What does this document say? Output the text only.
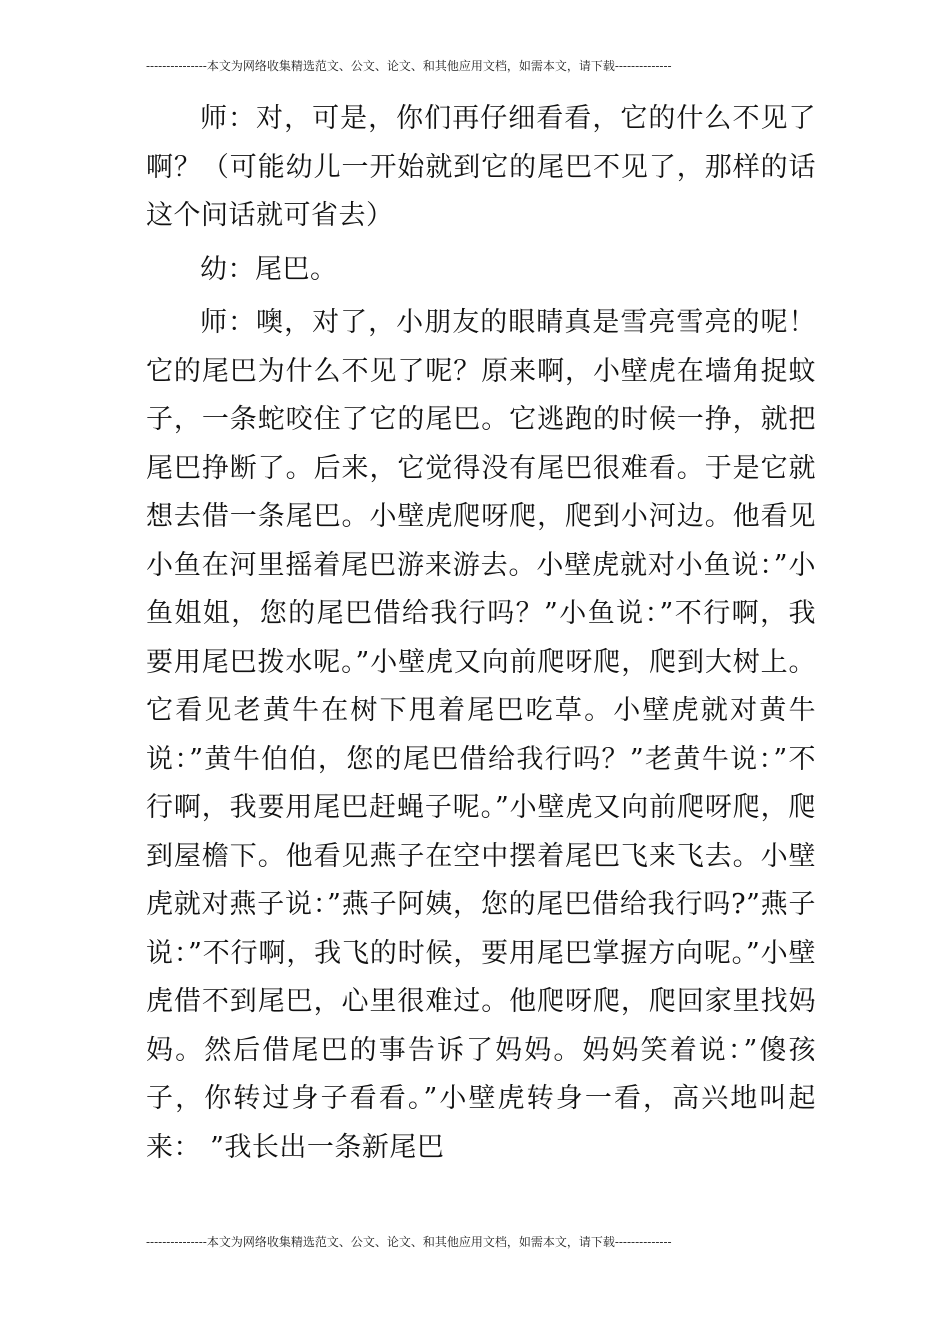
---------------本文为网络收集精选范文、公文、论文、和其他应用文档，如需本文，请下载--------------

师：对，可是，你们再仔细看看，它的什么不见了啊？（可能幼儿一开始就到它的尾巴不见了，那样的话这个问话就可省去）

幼：尾巴。

师：噢，对了，小朋友的眼睛真是雪亮雪亮的呢！它的尾巴为什么不见了呢？原来啊，小壁虎在墙角捉蚊子，一条蛇咬住了它的尾巴。它逃跑的时候一挣，就把尾巴挣断了。后来，它觉得没有尾巴很难看。于是它就想去借一条尾巴。小壁虎爬呀爬，爬到小河边。他看见小鱼在河里摇着尾巴游来游去。小壁虎就对小鱼说：”小鱼姐姐，您的尾巴借给我行吗？”小鱼说：”不行啊，我要用尾巴拨水呢。”小壁虎又向前爬呀爬，爬到大树上。它看见老黄牛在树下甩着尾巴吃草。小壁虎就对黄牛说：”黄牛伯伯，您的尾巴借给我行吗？”老黄牛说：”不行啊，我要用尾巴赶蝇子呢。”小壁虎又向前爬呀爬，爬到屋檐下。他看见燕子在空中摆着尾巴飞来飞去。小壁虎就对燕子说：”燕子阿姨，您的尾巴借给我行吗?”燕子说：”不行啊，我飞的时候，要用尾巴掌握方向呢。”小壁虎借不到尾巴，心里很难过。他爬呀爬，爬回家里找妈妈。然后借尾巴的事告诉了妈妈。妈妈笑着说：”傻孩子，你转过身子看看。”小壁虎转身一看，高兴地叫起来： ”我长出一条新尾巴

---------------本文为网络收集精选范文、公文、论文、和其他应用文档，如需本文，请下载--------------
